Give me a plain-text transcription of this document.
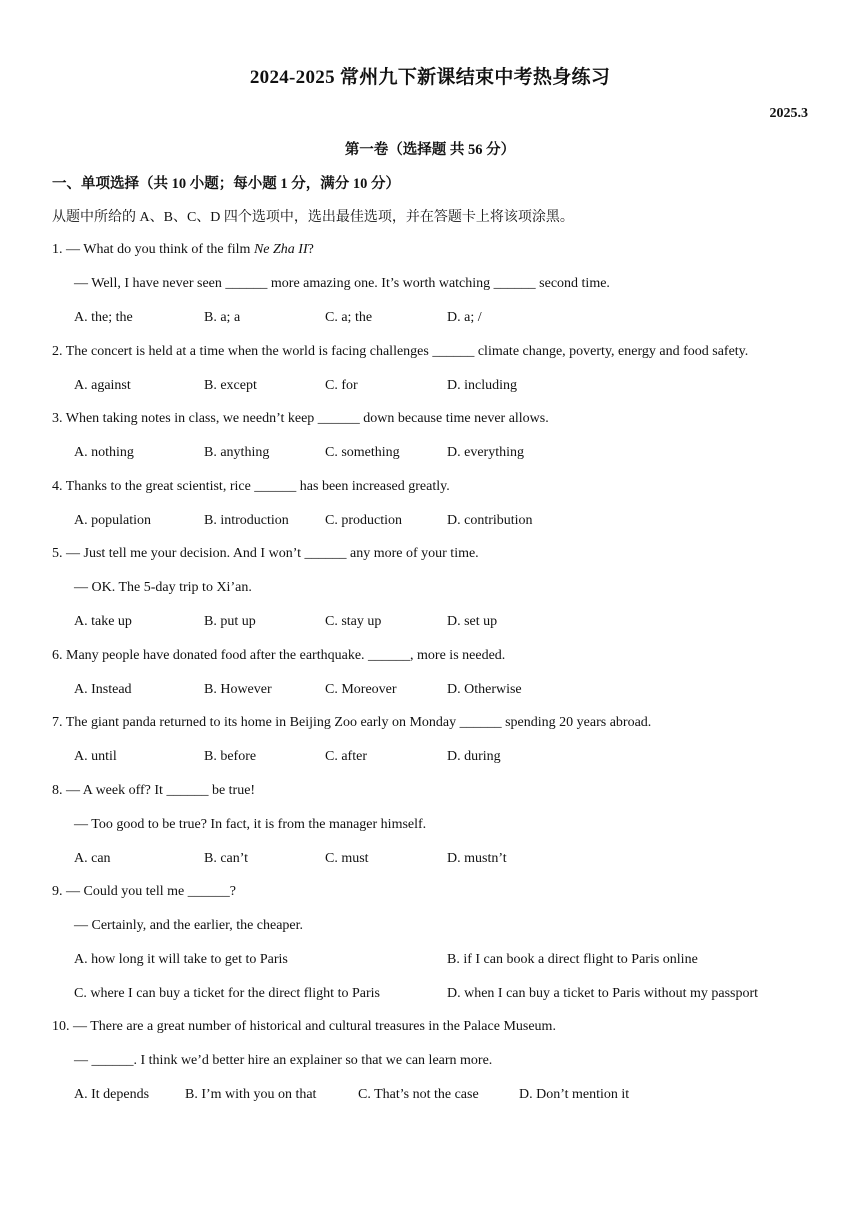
2024-2025 常州九下新课结束中考热身练习
2025.3
第一卷（选择题 共 56 分）
一、单项选择（共 10 小题；每小题 1 分，满分 10 分）
从题中所给的 A、B、C、D 四个选项中，选出最佳选项，并在答题卡上将该项涂黑。
1. — What do you think of the film Ne Zha II?
— Well, I have never seen ______ more amazing one. It’s worth watching ______ second time.
A. the; the	B. a; a	C. a; the	D. a; /
2. The concert is held at a time when the world is facing challenges ______ climate change, poverty, energy and food safety.
A. against	B. except	C. for	D. including
3. When taking notes in class, we needn’t keep ______ down because time never allows.
A. nothing	B. anything	C. something	D. everything
4. Thanks to the great scientist, rice ______ has been increased greatly.
A. population	B. introduction	C. production	D. contribution
5. — Just tell me your decision. And I won’t ______ any more of your time.
— OK. The 5-day trip to Xi’an.
A. take up	B. put up	C. stay up	D. set up
6. Many people have donated food after the earthquake. ______, more is needed.
A. Instead	B. However	C. Moreover	D. Otherwise
7. The giant panda returned to its home in Beijing Zoo early on Monday ______ spending 20 years abroad.
A. until	B. before	C. after	D. during
8. — A week off? It ______ be true!
— Too good to be true? In fact, it is from the manager himself.
A. can	B. can’t	C. must	D. mustn’t
9. — Could you tell me ______?
— Certainly, and the earlier, the cheaper.
A. how long it will take to get to Paris	B. if I can book a direct flight to Paris online
C. where I can buy a ticket for the direct flight to Paris	D. when I can buy a ticket to Paris without my passport
10. — There are a great number of historical and cultural treasures in the Palace Museum.
— ______. I think we’d better hire an explainer so that we can learn more.
A. It depends	B. I’m with you on that	C. That’s not the case	D. Don’t mention it
